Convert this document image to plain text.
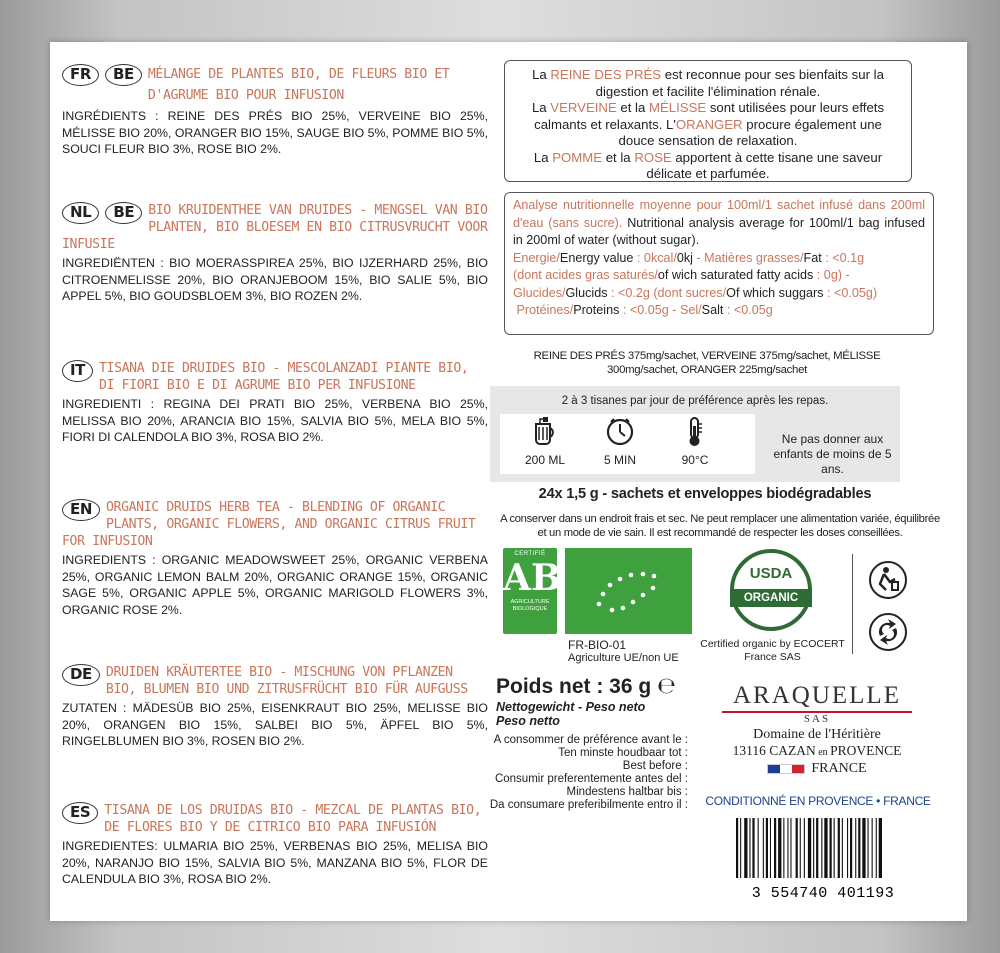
FR	BE	MÉLANGE DE PLANTES BIO, DE FLEURS BIO ET D'AGRUME BIO POUR INFUSION
INGRÉDIENTS : REINE DES PRÉS BIO 25%, VERVEINE BIO 25%, MÉLISSE BIO 20%, ORANGER BIO 15%, SAUGE BIO 5%, POMME BIO 5%, SOUCI FLEUR BIO 3%, ROSE BIO 2%.
NL	BE	BIO KRUIDENTHEE VAN DRUIDES - MENGSEL VAN BIO PLANTEN, BIO BLOESEM EN BIO CITRUSVRUCHT VOOR INFUSIE
INGREDIËNTEN : BIO MOERASSPIREA 25%, BIO IJZERHARD 25%, BIO CITROENMELISSE 20%, BIO ORANJEBOOM 15%, BIO SALIE 5%, BIO APPEL 5%, BIO GOUDSBLOEM 3%, BIO ROZEN 2%.
IT	TISANA DIE DRUIDES BIO - MESCOLANZADI PIANTE BIO, DI FIORI BIO E DI AGRUME BIO PER INFUSIONE
INGREDIENTI : REGINA DEI PRATI BIO 25%, VERBENA BIO 25%, MELISSA BIO 20%, ARANCIA BIO 15%, SALVIA BIO 5%, MELA BIO 5%, FIORI DI CALENDOLA BIO 3%, ROSA BIO 2%.
EN	ORGANIC DRUIDS HERB TEA - BLENDING OF ORGANIC PLANTS, ORGANIC FLOWERS, AND ORGANIC CITRUS FRUIT FOR INFUSION
INGREDIENTS : ORGANIC MEADOWSWEET 25%, ORGANIC VERBENA 25%, ORGANIC LEMON BALM 20%, ORGANIC ORANGE 15%, ORGANIC SAGE 5%, ORGANIC APPLE 5%, ORGANIC MARIGOLD FLOWERS 3%, ORGANIC ROSE 2%.
DE	DRUIDEN KRÄUTERTEE BIO - MISCHUNG VON PFLANZEN BIO, BLUMEN BIO UND ZITRUSFRÜCHT BIO FÜR AUFGUSS
ZUTATEN : MÄDESÜB BIO 25%, EISENKRAUT BIO 25%, MELISSE BIO 20%, ORANGEN BIO 15%, SALBEI BIO 5%, ÄPFEL BIO 5%, RINGELBLUMEN BIO 3%, ROSEN BIO 2%.
ES	TISANA DE LOS DRUIDAS BIO - MEZCAL DE PLANTAS BIO, DE FLORES BIO Y DE CITRICO BIO PARA INFUSIÓN
INGREDIENTES: ULMARIA BIO 25%, VERBENAS BIO 25%, MELISA BIO 20%, NARANJO BIO 15%, SALVIA BIO 5%, MANZANA BIO 5%, FLOR DE CALENDULA BIO 3%, ROSA BIO 2%.

La REINE DES PRÉS est reconnue pour ses bienfaits sur la digestion et facilite l'élimination rénale.

La VERVEINE et la MÉLISSE sont utilisées pour leurs effets calmants et relaxants. L'ORANGER procure également une douce sensation de relaxation.

La POMME et la ROSE apportent à cette tisane une saveur délicate et parfumée.

Analyse nutritionnelle moyenne pour 100ml/1 sachet infusé dans 200ml d'eau (sans sucre). Nutritional analysis average for 100ml/1 bag infused in 200ml of water (without sugar).
Energie/Energy value : 0kcal/0kj - Matières grasses/Fat : <0.1g
(dont acides gras saturés/of wich saturated fatty acids : 0g) -
Glucides/Glucids : <0.2g (dont sucres/Of which suggars : <0.05g)
Protéines/Proteins : <0.05g - Sel/Salt : <0.05g
REINE DES PRÉS 375mg/sachet, VERVEINE 375mg/sachet, MÉLISSE 300mg/sachet, ORANGER 225mg/sachet
2 à 3 tisanes par jour de préférence après les repas.
200 ML	5 MIN	90°C
Ne pas donner aux enfants de moins de 5 ans.
24x 1,5 g - sachets et enveloppes biodégradables
A conserver dans un endroit frais et sec. Ne peut remplacer une alimentation variée, équilibrée et un mode de vie sain. Il est recommandé de respecter les doses conseillées.
CERTIFIÉ
AB
AGRICULTURE BIOLOGIQUE
FR-BIO-01
Agriculture UE/non UE
USDA
ORGANIC
Certified organic by ECOCERT France SAS
Poids net : 36 g ℮
Nettogewicht - Peso neto
Peso netto
A consommer de préférence avant le :
Ten minste houdbaar tot :
Best before :
Consumir preferentemente antes del :
Mindestens haltbar bis :
Da consumare preferibilmente entro il :
ARAQUELLE
SAS
Domaine de l'Héritière
13116 CAZAN en PROVENCE
FRANCE
CONDITIONNÉ EN PROVENCE • FRANCE
3 554740 401193
